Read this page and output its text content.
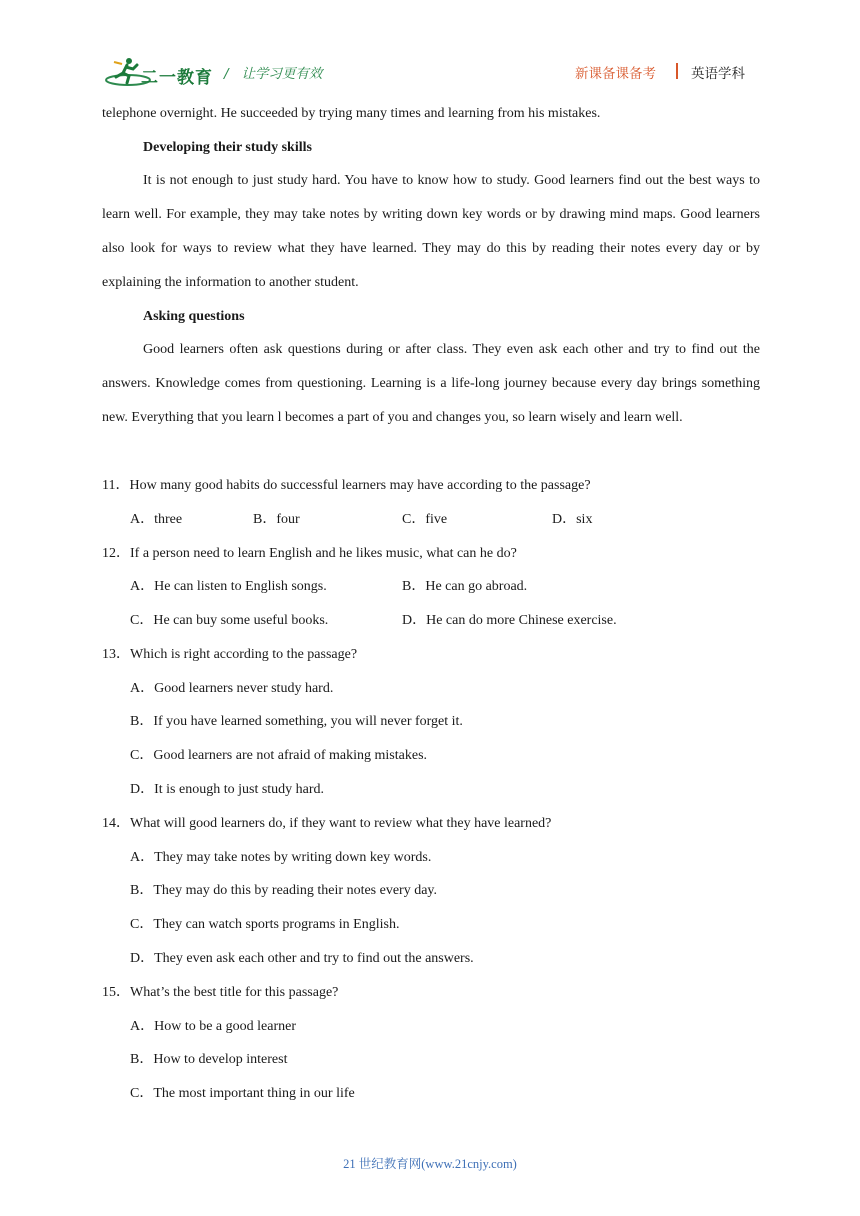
二一教育 / 让学习更有效	新课备课备考	英语学科

telephone overnight. He succeeded by trying many times and learning from his mistakes.

Developing their study skills

It is not enough to just study hard. You have to know how to study. Good learners find out the best ways to learn well. For example, they may take notes by writing down key words or by drawing mind maps. Good learners also look for ways to review what they have learned. They may do this by reading their notes every day or by explaining the information to another student.

Asking questions

Good learners often ask questions during or after class. They even ask each other and try to find out the answers. Knowledge comes from questioning. Learning is a life-long journey because every day brings something new. Everything that you learn l becomes a part of you and changes you, so learn wisely and learn well.

11．How many good habits do successful learners may have according to the passage?

A．three	B．four	C．five	D．six

12．If a person need to learn English and he likes music, what can he do?

A．He can listen to English songs.	B．He can go abroad.

C．He can buy some useful books.	D．He can do more Chinese exercise.

13．Which is right according to the passage?

A．Good learners never study hard.

B．If you have learned something, you will never forget it.

C．Good learners are not afraid of making mistakes.

D．It is enough to just study hard.

14．What will good learners do, if they want to review what they have learned?

A．They may take notes by writing down key words.

B．They may do this by reading their notes every day.

C．They can watch sports programs in English.

D．They even ask each other and try to find out the answers.

15．What’s the best title for this passage?

A．How to be a good learner

B．How to develop interest

C．The most important thing in our life

21 世纪教育网(www.21cnjy.com)
